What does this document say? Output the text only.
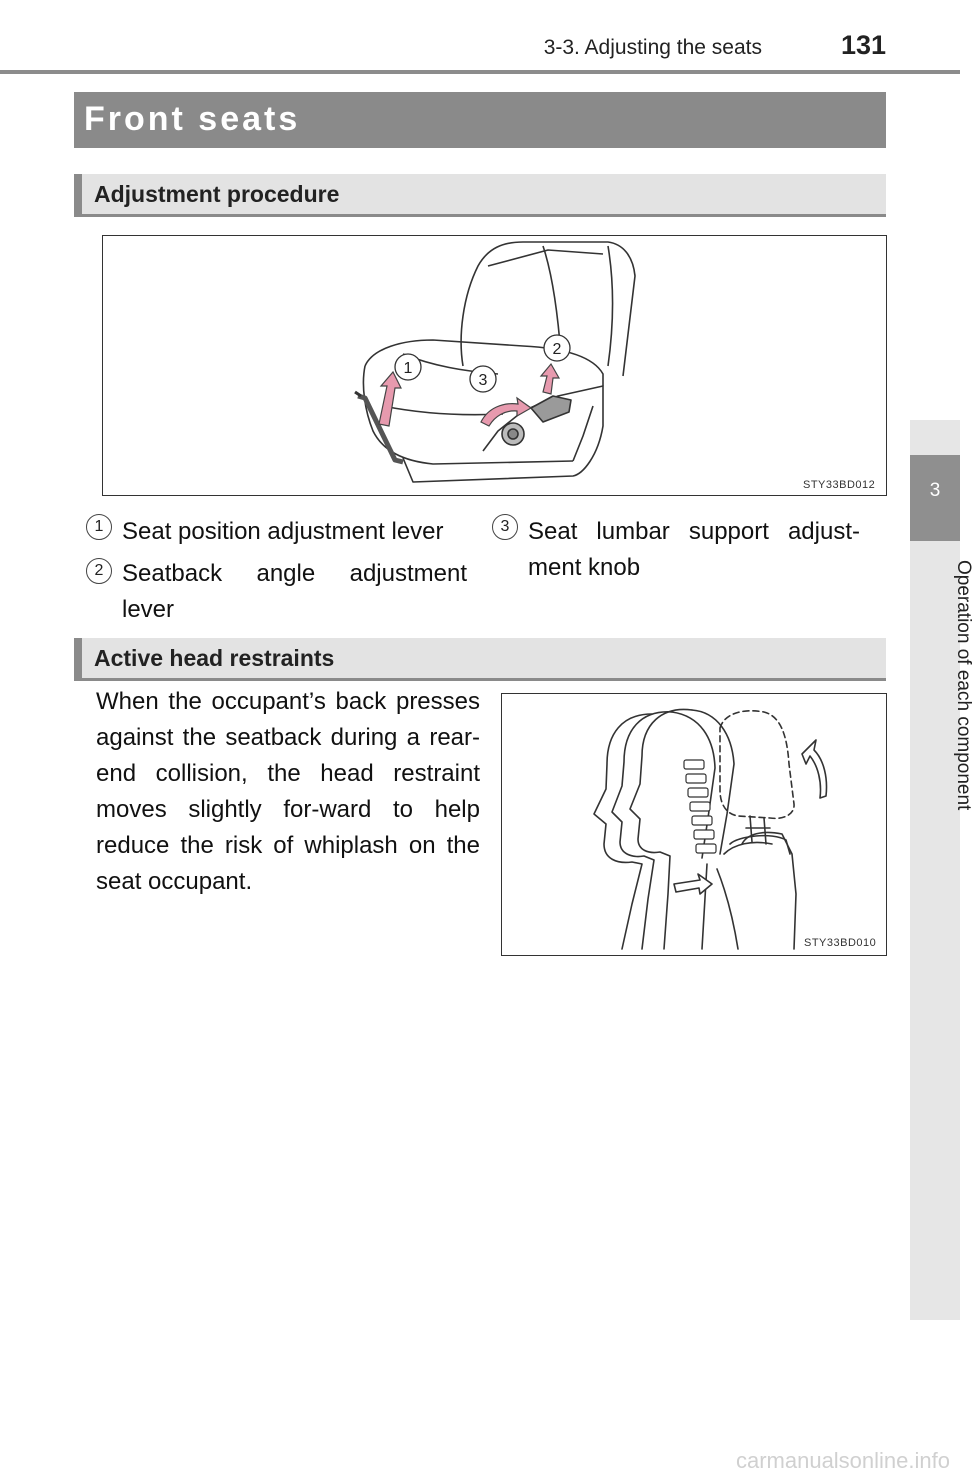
3-3. Adjusting the seats	131
3
Operation of each component
Front seats
Adjustment procedure
1
2
3
STY33BD012
1 Seat position adjustment lever
2 Seatback angle adjustment lever
3 Seat lumbar support adjust-ment knob
Active head restraints
When the occupant’s back presses against the seatback during a rear-end collision, the head restraint moves slightly for-ward to help reduce the risk of whiplash on the seat occupant.
STY33BD010
carmanualsonline.info
